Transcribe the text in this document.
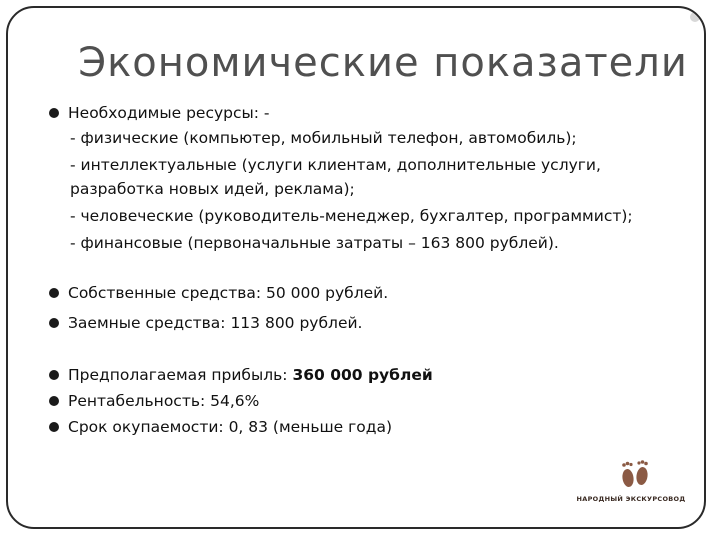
Экономические показатели

Необходимые ресурсы: -

- физические (компьютер, мобильный телефон, автомобиль);
- интеллектуальные (услуги клиентам, дополнительные услуги, разработка новых идей, реклама);
- человеческие (руководитель-менеджер, бухгалтер, программист);
- финансовые (первоначальные затраты – 163 800 рублей).

Собственные средства: 50 000 рублей.

Заемные средства: 113 800 рублей.

Предполагаемая прибыль: 360 000 рублей

Рентабельность: 54,6%

Срок окупаемости: 0, 83 (меньше года)

НАРОДНЫЙ ЭКСКУРСОВОД
